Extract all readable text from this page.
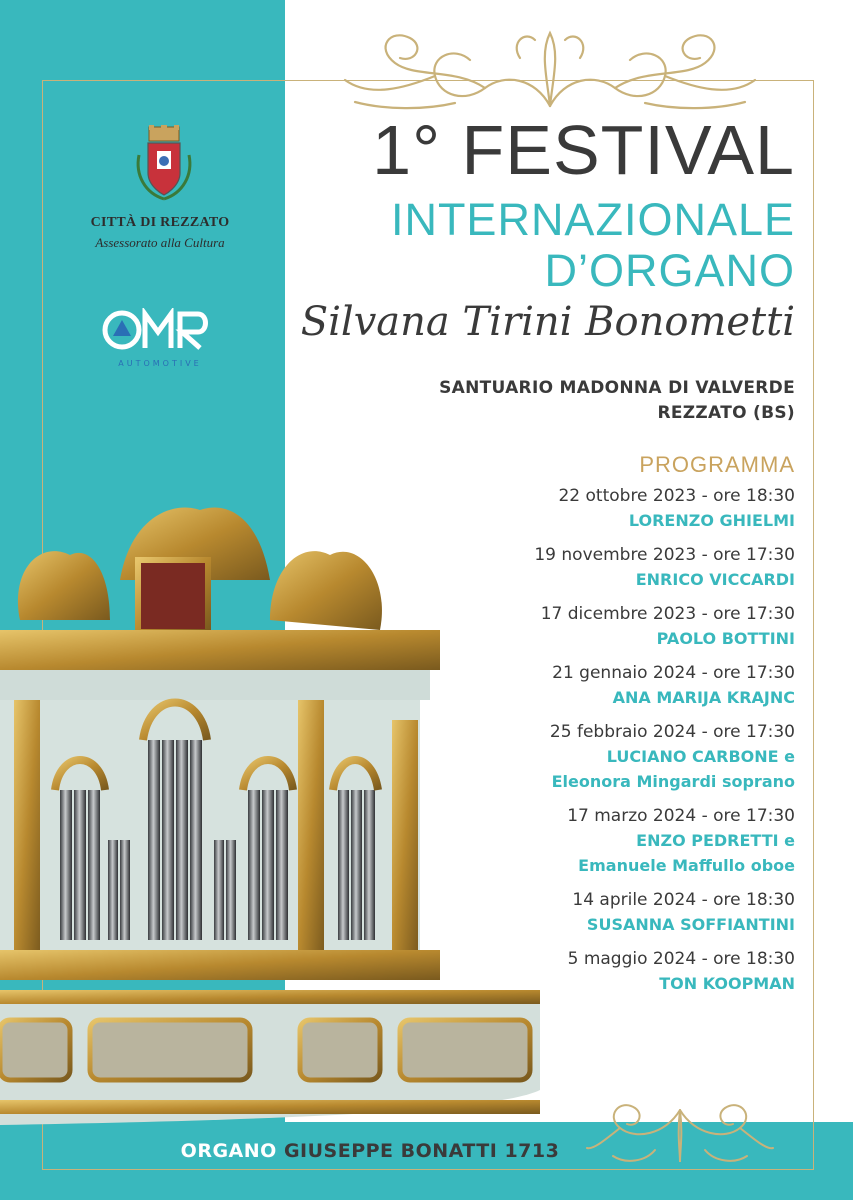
CITTÀ DI REZZATO
Assessorato alla Cultura
AUTOMOTIVE
1° FESTIVAL
INTERNAZIONALE
D’ORGANO
Silvana Tirini Bonometti
SANTUARIO MADONNA DI VALVERDE
REZZATO (BS)
PROGRAMMA
22 ottobre 2023 - ore 18:30
LORENZO GHIELMI
19 novembre 2023 - ore 17:30
ENRICO VICCARDI
17 dicembre 2023 - ore 17:30
PAOLO BOTTINI
21 gennaio 2024 - ore 17:30
ANA MARIJA KRAJNC
25 febbraio 2024 - ore 17:30
LUCIANO CARBONE e
Eleonora Mingardi soprano
17 marzo 2024 - ore 17:30
ENZO PEDRETTI e
Emanuele Maffullo oboe
14 aprile 2024 - ore 18:30
SUSANNA SOFFIANTINI
5 maggio 2024 - ore 18:30
TON KOOPMAN
ORGANO GIUSEPPE BONATTI 1713
